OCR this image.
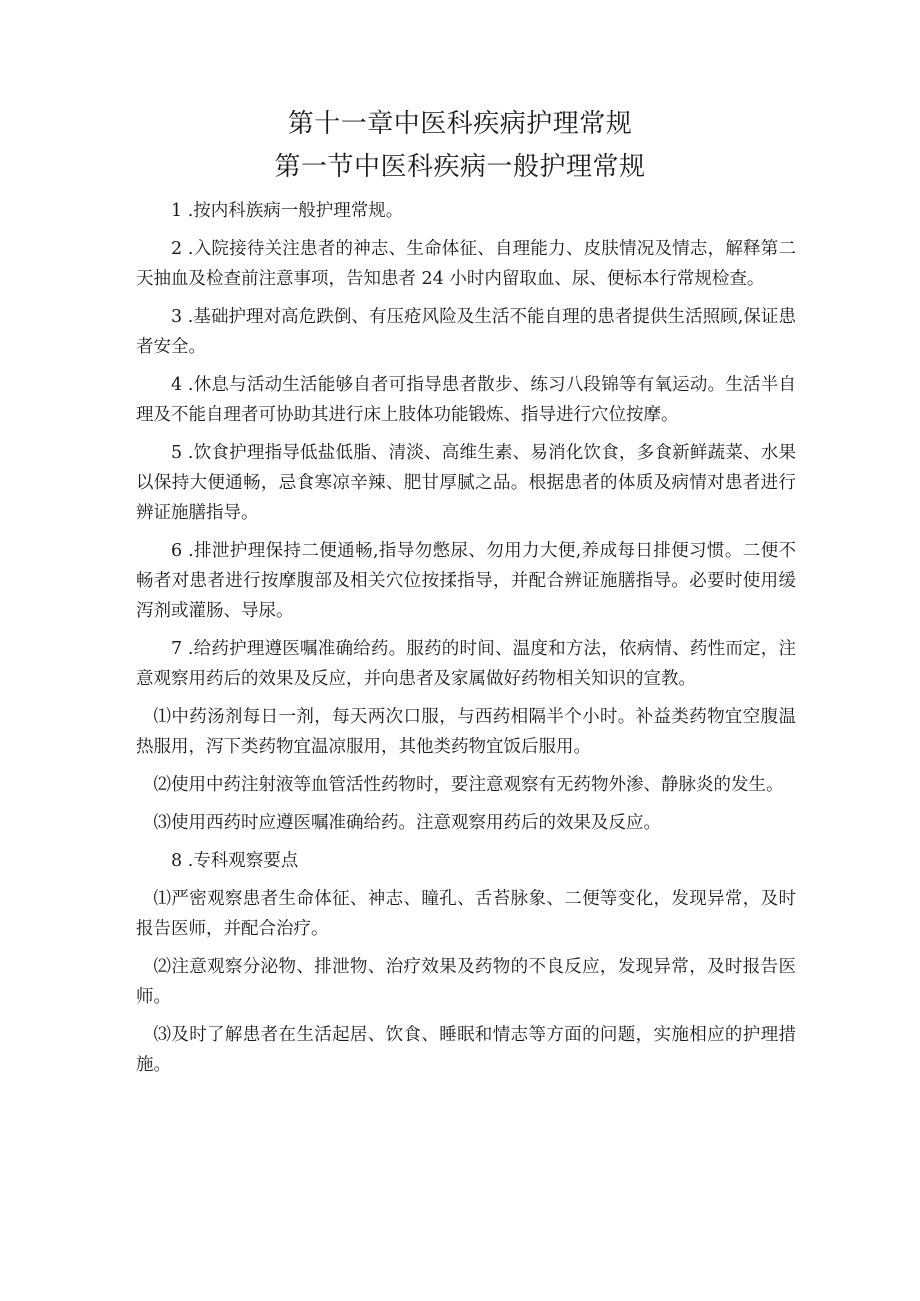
第十一章中医科疾病护理常规
第一节中医科疾病一般护理常规

1 .按内科族病一般护理常规。

2 .入院接待关注患者的神志、生命体征、自理能力、皮肤情况及情志，解释第二天抽血及检查前注意事项，告知患者 24 小时内留取血、尿、便标本行常规检查。

3 .基础护理对高危跌倒、有压疮风险及生活不能自理的患者提供生活照顾,保证患者安全。

4 .休息与活动生活能够自者可指导患者散步、练习八段锦等有氧运动。生活半自理及不能自理者可协助其进行床上肢体功能锻炼、指导进行穴位按摩。

5 .饮食护理指导低盐低脂、清淡、高维生素、易消化饮食，多食新鲜蔬菜、水果以保持大便通畅，忌食寒凉辛辣、肥甘厚腻之品。根据患者的体质及病情对患者进行辨证施膳指导。

6 .排泄护理保持二便通畅,指导勿憋尿、勿用力大便,养成每日排便习惯。二便不畅者对患者进行按摩腹部及相关穴位按揉指导，并配合辨证施膳指导。必要时使用缓泻剂或灌肠、导尿。

7 .给药护理遵医嘱准确给药。服药的时间、温度和方法，依病情、药性而定，注意观察用药后的效果及反应，并向患者及家属做好药物相关知识的宣教。

⑴中药汤剂每日一剂，每天两次口服，与西药相隔半个小时。补益类药物宜空腹温热服用，泻下类药物宜温凉服用，其他类药物宜饭后服用。

⑵使用中药注射液等血管活性药物时，要注意观察有无药物外渗、静脉炎的发生。

⑶使用西药时应遵医嘱准确给药。注意观察用药后的效果及反应。

8 .专科观察要点

⑴严密观察患者生命体征、神志、瞳孔、舌苔脉象、二便等变化，发现异常，及时报告医师，并配合治疗。

⑵注意观察分泌物、排泄物、治疗效果及药物的不良反应，发现异常，及时报告医师。

⑶及时了解患者在生活起居、饮食、睡眠和情志等方面的问题，实施相应的护理措施。
